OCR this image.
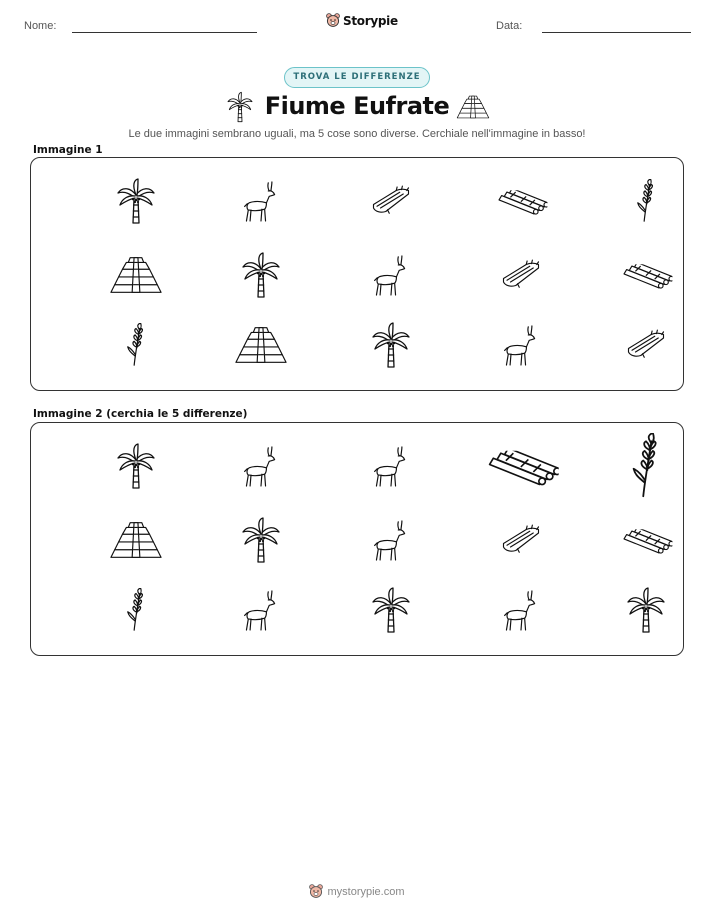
Nome:	Storypie	Data:
TROVA LE DIFFERENZE
Fiume Eufrate
Le due immagini sembrano uguali, ma 5 cose sono diverse. Cerchiale nell'immagine in basso!
Immagine 1
Immagine 2 (cerchia le 5 differenze)
mystorypie.com
